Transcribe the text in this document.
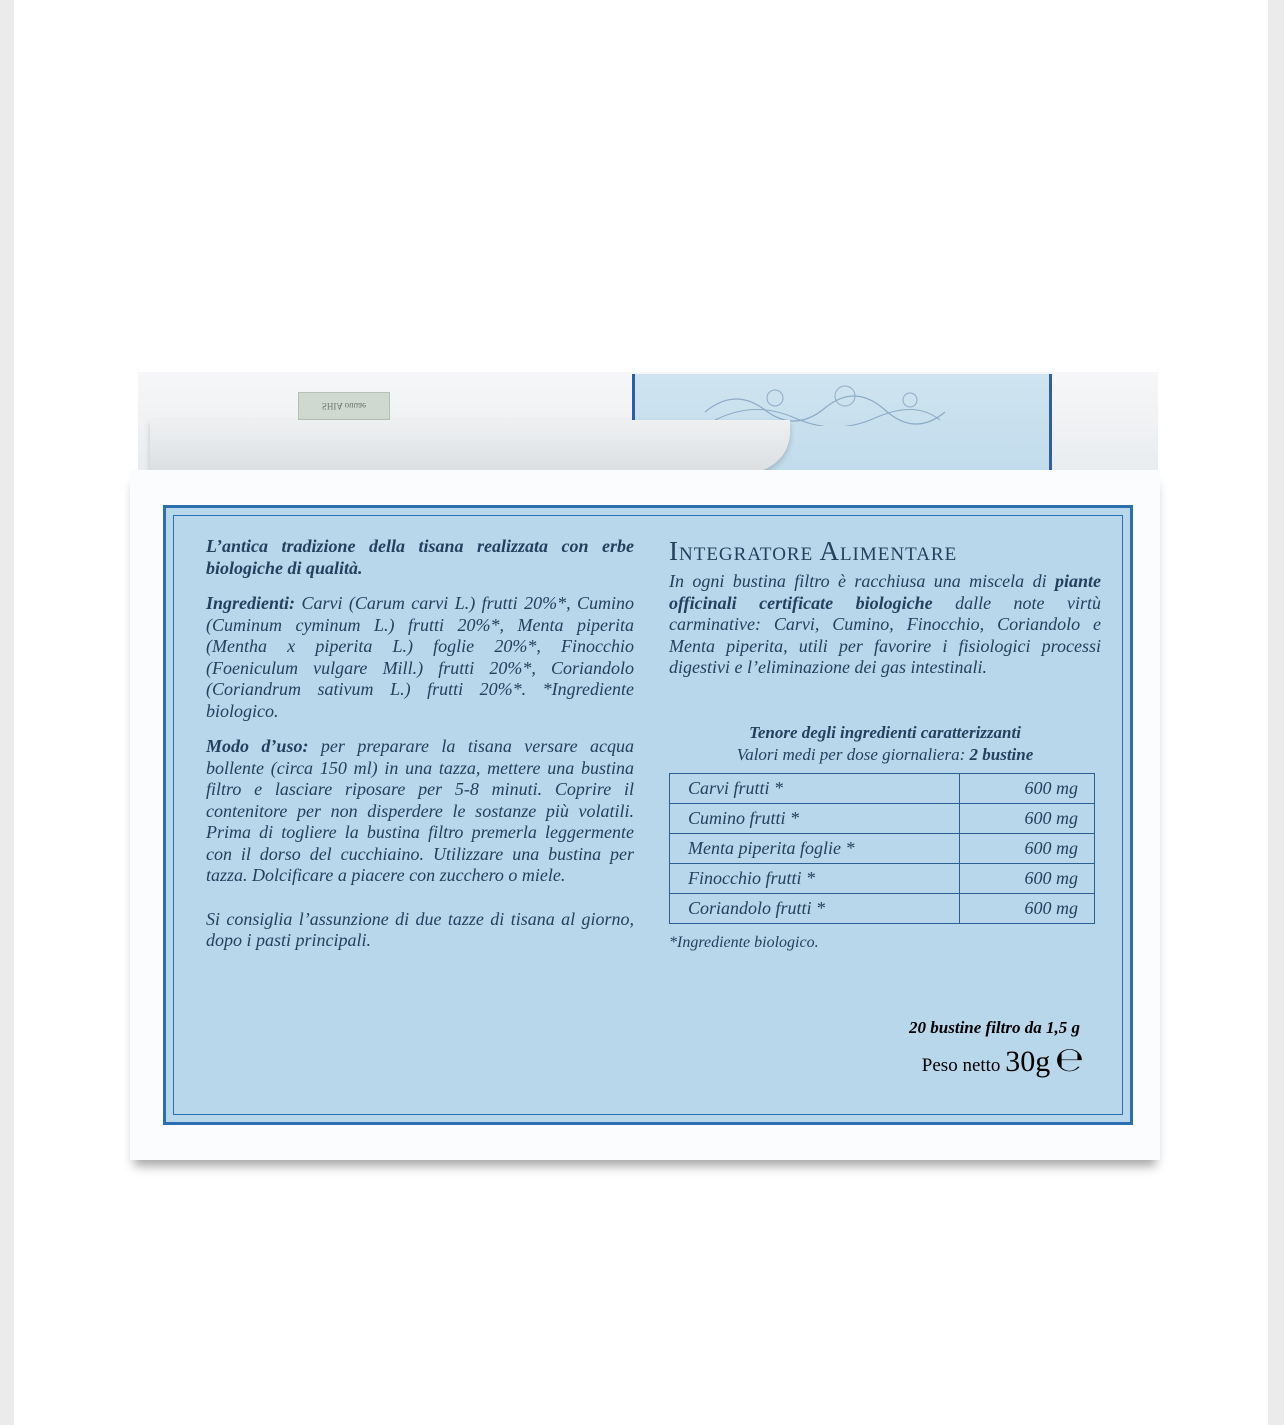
SHIA ouuae

L’antica tradizione della tisana realizzata con erbe biologiche di qualità.

Ingredienti: Carvi (Carum carvi L.) frutti 20%*, Cumino (Cuminum cyminum L.) frutti 20%*, Menta piperita (Mentha x piperita L.) foglie 20%*, Finocchio (Foeniculum vulgare Mill.) frutti 20%*, Coriandolo (Coriandrum sativum L.) frutti 20%*. *Ingrediente biologico.

Modo d’uso: per preparare la tisana versare acqua bollente (circa 150 ml) in una tazza, mettere una bustina filtro e lasciare riposare per 5-8 minuti. Coprire il contenitore per non disperdere le sostanze più volatili. Prima di togliere la bustina filtro premerla leggermente con il dorso del cucchiaino. Utilizzare una bustina per tazza. Dolcificare a piacere con zucchero o miele.

Si consiglia l’assunzione di due tazze di tisana al giorno, dopo i pasti principali.

Integratore Alimentare

In ogni bustina filtro è racchiusa una miscela di piante officinali certificate biologiche dalle note virtù carminative: Carvi, Cumino, Finocchio, Coriandolo e Menta piperita, utili per favorire i fisiologici processi digestivi e l’eliminazione dei gas intestinali.

Tenore degli ingredienti caratterizzanti
Valori medi per dose giornaliera: 2 bustine
Carvi frutti *	600 mg
Cumino frutti *	600 mg
Menta piperita foglie *	600 mg
Finocchio frutti *	600 mg
Coriandolo frutti *	600 mg
*Ingrediente biologico.
20 bustine filtro da 1,5 g
Peso netto 30g ℮
